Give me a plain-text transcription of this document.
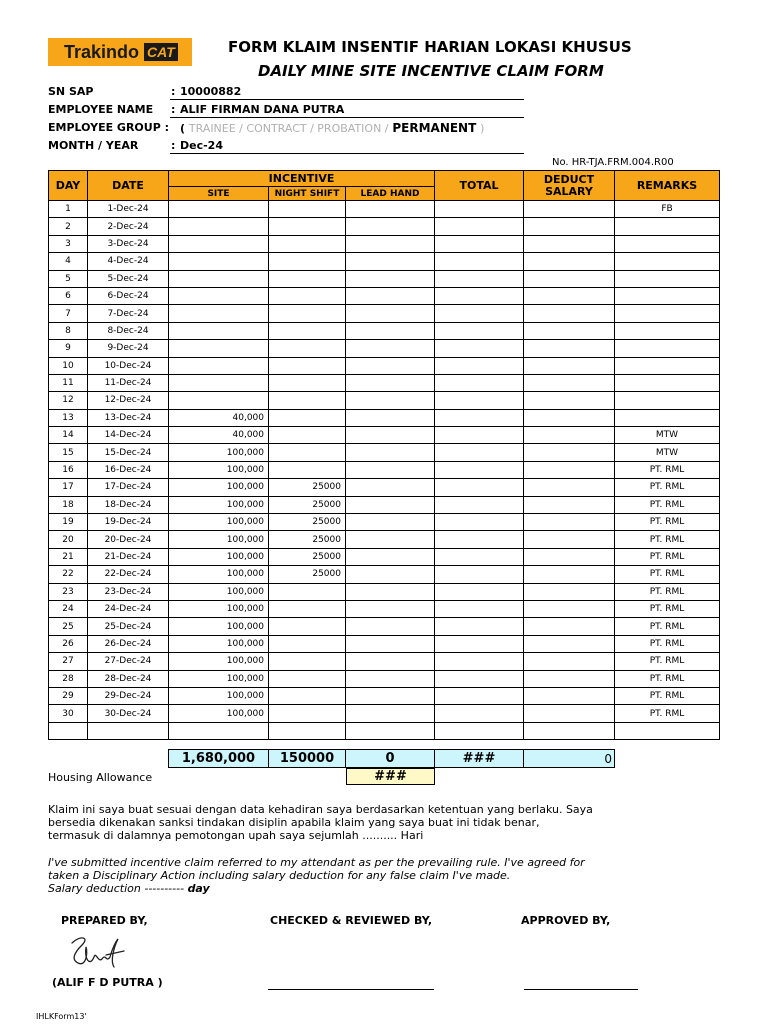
Trakindo CAT	FORM KLAIM INSENTIF HARIAN LOKASI KHUSUS
DAILY MINE SITE INCENTIVE CLAIM FORM
SN SAP	: 10000882
EMPLOYEE NAME	: ALIF FIRMAN DANA PUTRA
EMPLOYEE GROUP :	( TRAINEE / CONTRACT / PROBATION / PERMANENT )
MONTH / YEAR	: Dec-24
No. HR-TJA.FRM.004.R00
DAY	DATE	INCENTIVE			TOTAL	DEDUCT SALARY	REMARKS
		SITE	NIGHT SHIFT	LEAD HAND			
1	1-Dec-24						FB
2	2-Dec-24						
3	3-Dec-24						
4	4-Dec-24						
5	5-Dec-24						
6	6-Dec-24						
7	7-Dec-24						
8	8-Dec-24						
9	9-Dec-24						
10	10-Dec-24						
11	11-Dec-24						
12	12-Dec-24						
13	13-Dec-24	40,000					
14	14-Dec-24	40,000					MTW
15	15-Dec-24	100,000					MTW
16	16-Dec-24	100,000					PT. RML
17	17-Dec-24	100,000	25000				PT. RML
18	18-Dec-24	100,000	25000				PT. RML
19	19-Dec-24	100,000	25000				PT. RML
20	20-Dec-24	100,000	25000				PT. RML
21	21-Dec-24	100,000	25000				PT. RML
22	22-Dec-24	100,000	25000				PT. RML
23	23-Dec-24	100,000					PT. RML
24	24-Dec-24	100,000					PT. RML
25	25-Dec-24	100,000					PT. RML
26	26-Dec-24	100,000					PT. RML
27	27-Dec-24	100,000					PT. RML
28	28-Dec-24	100,000					PT. RML
29	29-Dec-24	100,000					PT. RML
30	30-Dec-24	100,000					PT. RML

1,680,000	150000	0	###	0
Housing Allowance	###
Klaim ini saya buat sesuai dengan data kehadiran saya berdasarkan ketentuan yang berlaku. Saya
bersedia dikenakan sanksi tindakan disiplin apabila klaim yang saya buat ini tidak benar,
termasuk di dalamnya pemotongan upah saya sejumlah .......... Hari
I've submitted incentive claim referred to my attendant as per the prevailing rule. I've agreed for
taken a Disciplinary Action including salary deduction for any false claim I've made.
Salary deduction ---------- day
PREPARED BY,	CHECKED & REVIEWED BY,	APPROVED BY,
(ALIF F D PUTRA )
IHLKForm13'
